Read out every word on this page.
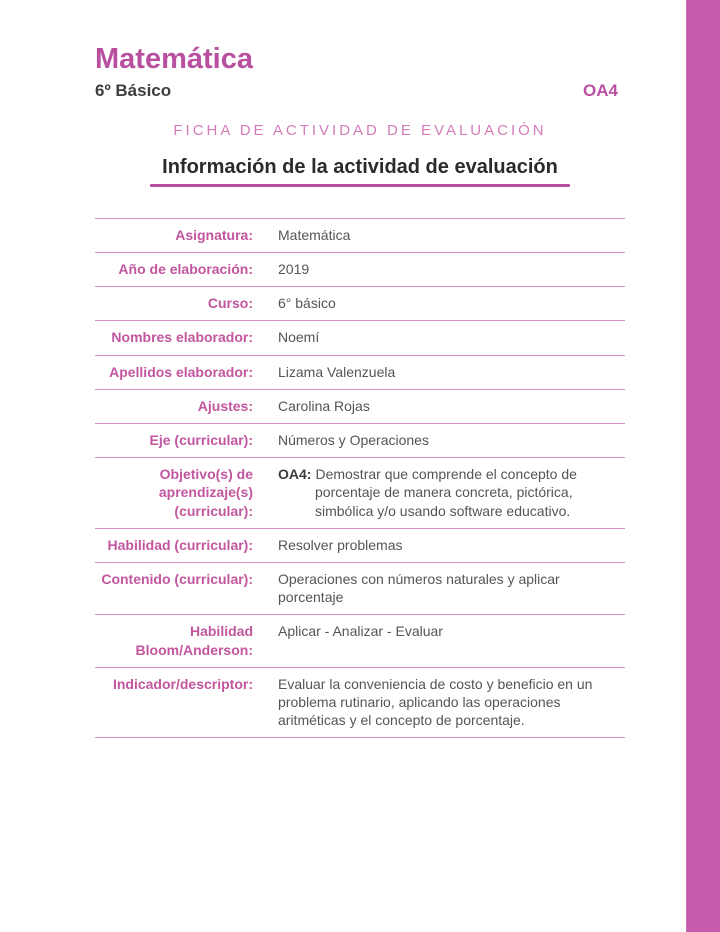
Matemática
6º Básico	OA4
FICHA DE ACTIVIDAD DE EVALUACIÓN
Información de la actividad de evaluación
Asignatura: Matemática
Año de elaboración: 2019
Curso: 6° básico
Nombres elaborador: Noemí
Apellidos elaborador: Lizama Valenzuela
Ajustes: Carolina Rojas
Eje (curricular): Números y Operaciones
Objetivo(s) de aprendizaje(s) (curricular):
OA4: Demostrar que comprende el concepto de porcentaje de manera concreta, pictórica, simbólica y/o usando software educativo.
Habilidad (curricular): Resolver problemas
Contenido (curricular): Operaciones con números naturales y aplicar porcentaje
Habilidad Bloom/Anderson:
Aplicar - Analizar - Evaluar
Indicador/descriptor: Evaluar la conveniencia de costo y beneficio en un problema rutinario, aplicando las operaciones aritméticas y el concepto de porcentaje.
